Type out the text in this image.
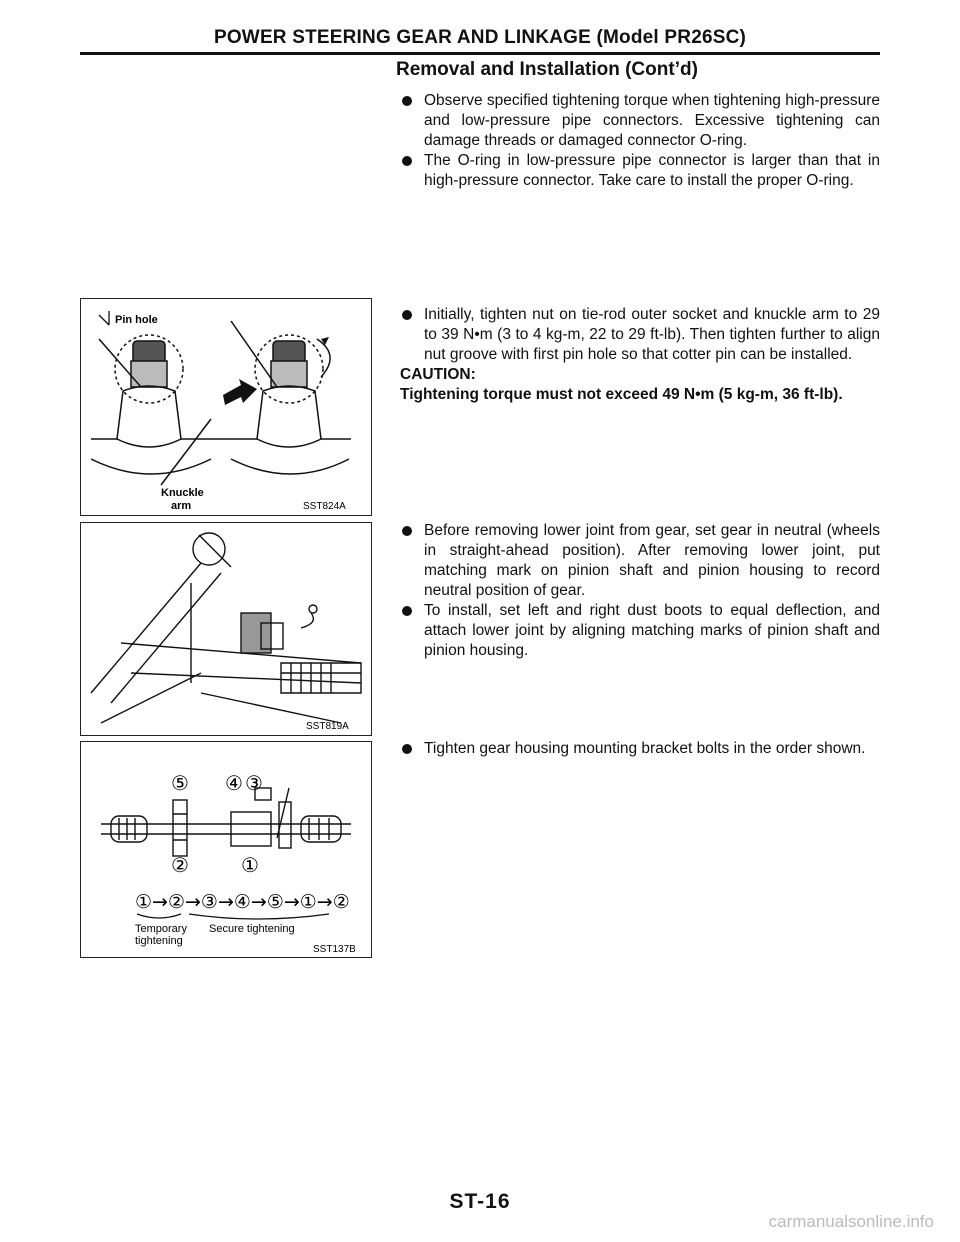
POWER STEERING GEAR AND LINKAGE (Model PR26SC)
Removal and Installation (Cont’d)

Observe specified tightening torque when tightening high-pressure and low-pressure pipe connectors. Excessive tightening can damage threads or damaged connector O-ring.

The O-ring in low-pressure pipe connector is larger than that in high-pressure connector. Take care to install the proper O-ring.

Initially, tighten nut on tie-rod outer socket and knuckle arm to 29 to 39 N•m (3 to 4 kg-m, 22 to 29 ft-lb). Then tighten further to align nut groove with first pin hole so that cotter pin can be installed.

CAUTION:

Tightening torque must not exceed 49 N•m (5 kg-m, 36 ft-lb).

Before removing lower joint from gear, set gear in neutral (wheels in straight-ahead position). After removing lower joint, put matching mark on pinion shaft and pinion housing to record neutral position of gear.

To install, set left and right dust boots to equal deflection, and attach lower joint by aligning matching marks of pinion shaft and pinion housing.

Tighten gear housing mounting bracket bolts in the order shown.

Pin hole
Knuckle
arm	SST824A
SST819A
⑤ ④ ③
②	①
①→②→③→④→⑤→①→②
Temporary
tightening
Secure tightening
SST137B
ST-16
carmanualsonline.info
